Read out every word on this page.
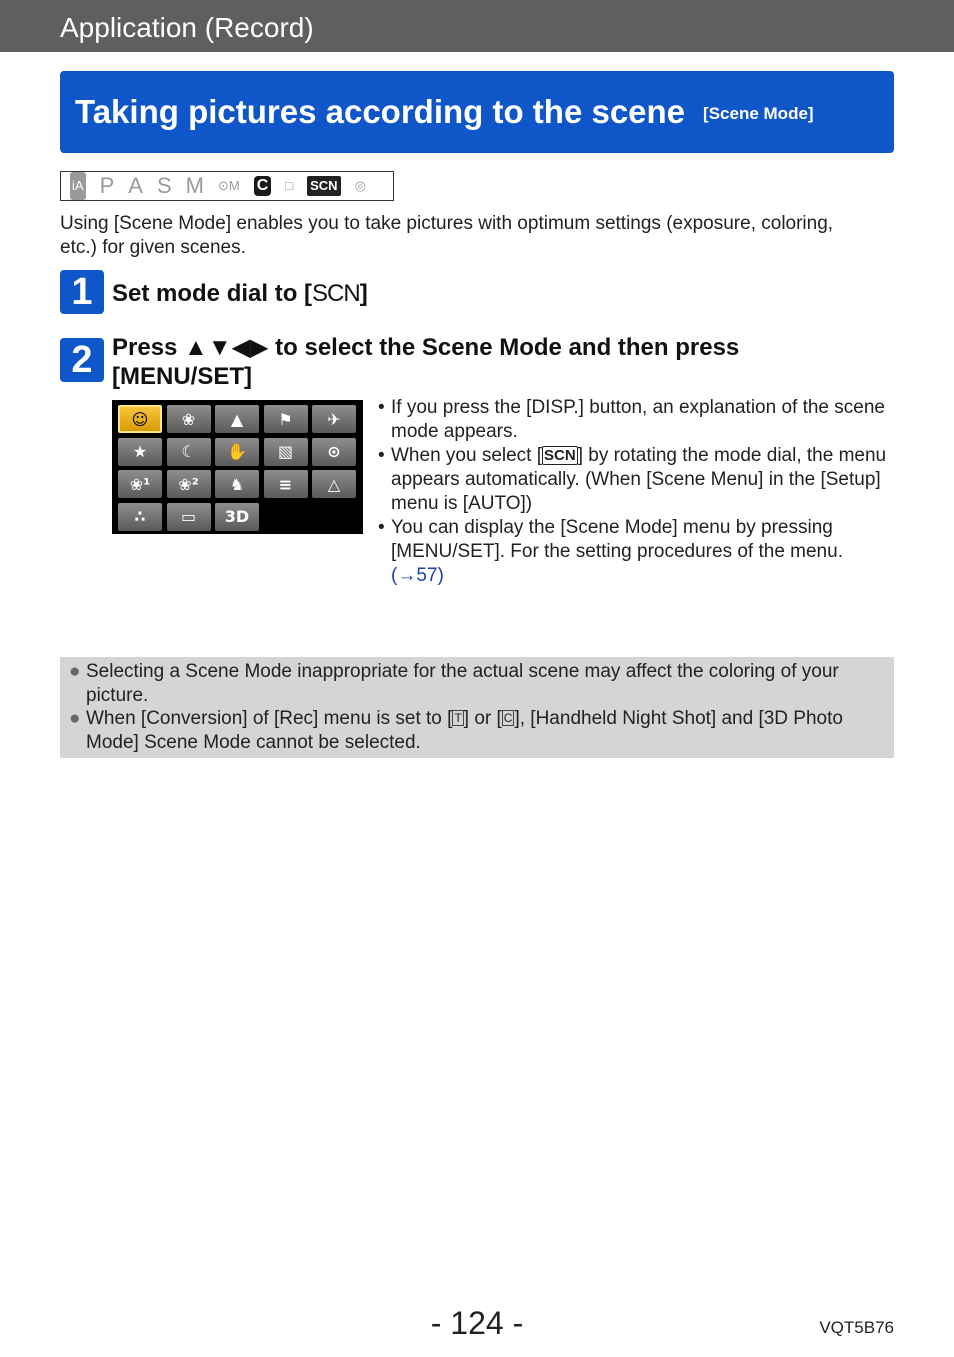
Application (Record)
Taking pictures according to the scene [Scene Mode]
iA P A S M ⊙M C □ SCN ◎
Using [Scene Mode] enables you to take pictures with optimum settings (exposure, coloring, etc.) for given scenes.
1 Set mode dial to [SCN]
2 Press ▲▼◀▶ to select the Scene Mode and then press
[MENU/SET]
☺ ❀ ▲ ⚑ ✈
★ ☾ ✋ ▧ ⊙
❀¹ ❀² ♞ ≡ △
∴ ▭ 3D
• If you press the [DISP.] button, an explanation of the scene mode appears.
• When you select [ SCN ] by rotating the mode dial, the menu appears automatically. (When [Scene Menu] in the [Setup] menu is [AUTO])
• You can display the [Scene Mode] menu by pressing [MENU/SET]. For the setting procedures of the menu.
(→57)
● Selecting a Scene Mode inappropriate for the actual scene may affect the coloring of your picture.
● When [Conversion] of [Rec] menu is set to [ T ] or [ C ], [Handheld Night Shot] and [3D Photo Mode] Scene Mode cannot be selected.
- 124 -	VQT5B76
